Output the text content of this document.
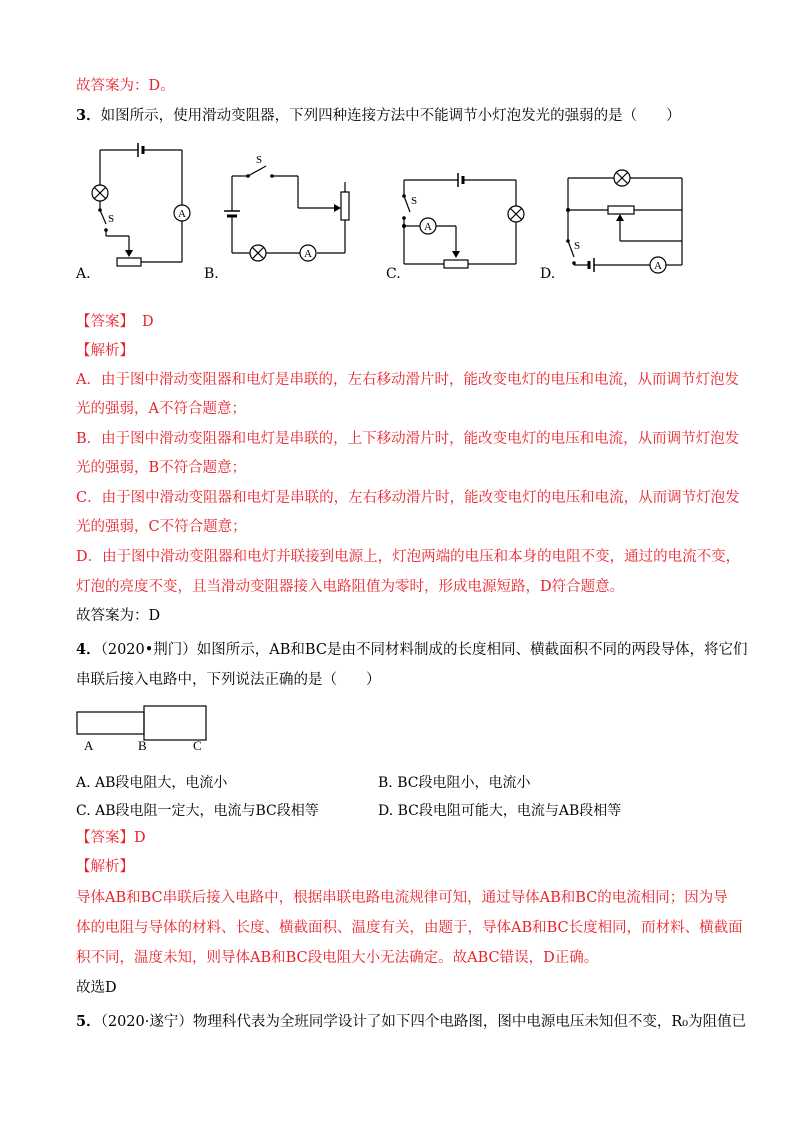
故答案为：D。
3．如图所示，使用滑动变阻器，下列四种连接方法中不能调节小灯泡发光的强弱的是（　　）
A
S
A.
A
S
B.
A
S
C.	A
S
D.
【答案】 D
【解析】
A．由于图中滑动变阻器和电灯是串联的，左右移动滑片时，能改变电灯的电压和电流，从而调节灯泡发
光的强弱，A不符合题意；
B．由于图中滑动变阻器和电灯是串联的，上下移动滑片时，能改变电灯的电压和电流，从而调节灯泡发
光的强弱，B不符合题意；
C．由于图中滑动变阻器和电灯是串联的，左右移动滑片时，能改变电灯的电压和电流，从而调节灯泡发
光的强弱，C不符合题意；
D．由于图中滑动变阻器和电灯并联接到电源上，灯泡两端的电压和本身的电阻不变，通过的电流不变，
灯泡的亮度不变，且当滑动变阻器接入电路阻值为零时，形成电源短路，D符合题意。
故答案为：D
4．（2020•荆门）如图所示，AB和BC是由不同材料制成的长度相同、横截面积不同的两段导体，将它们
串联后接入电路中，下列说法正确的是（　　）
A	B	C
A. AB段电阻大，电流小	B. BC段电阻小，电流小
C. AB段电阻一定大，电流与BC段相等	D. BC段电阻可能大，电流与AB段相等
【答案】D
【解析】
导体AB和BC串联后接入电路中，根据串联电路电流规律可知，通过导体AB和BC的电流相同；因为导
体的电阻与导体的材料、长度、横截面积、温度有关，由题于，导体AB和BC长度相同，而材料、横截面
积不同，温度未知，则导体AB和BC段电阻大小无法确定。故ABC错误，D正确。
故选D
5．（2020·遂宁）物理科代表为全班同学设计了如下四个电路图，图中电源电压未知但不变，R₀为阻值已
